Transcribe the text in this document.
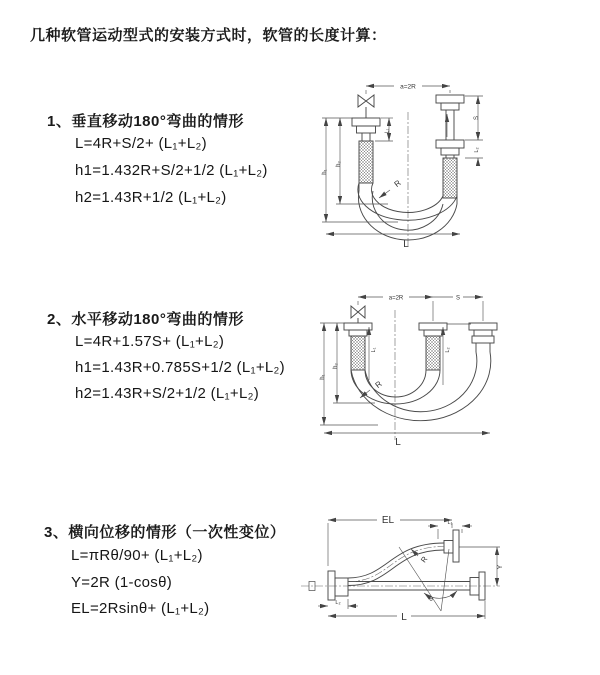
几种软管运动型式的安装方式时，软管的长度计算：
1、垂直移动180°弯曲的情形
L=4R+S/2+ (L₁+L₂)
h1=1.432R+S/2+1/2 (L₁+L₂)
h2=1.43R+1/2 (L₁+L₂)
2、水平移动180°弯曲的情形
L=4R+1.57S+ (L₁+L₂)
h1=1.43R+0.785S+1/2 (L₁+L₂)
h2=1.43R+S/2+1/2 (L₁+L₂)
3、横向位移的情形（一次性变位）
L=πRθ/90+ (L₁+L₂)
Y=2R (1-cosθ)
EL=2Rsinθ+ (L₁+L₂)
a=2R
L₁
S
L₂
h₁
h₂
L
R
a=2R	S
L₁	L₂
h₁
h₂
L
R
EL	L₁
Y
θ
R
L
L₂
